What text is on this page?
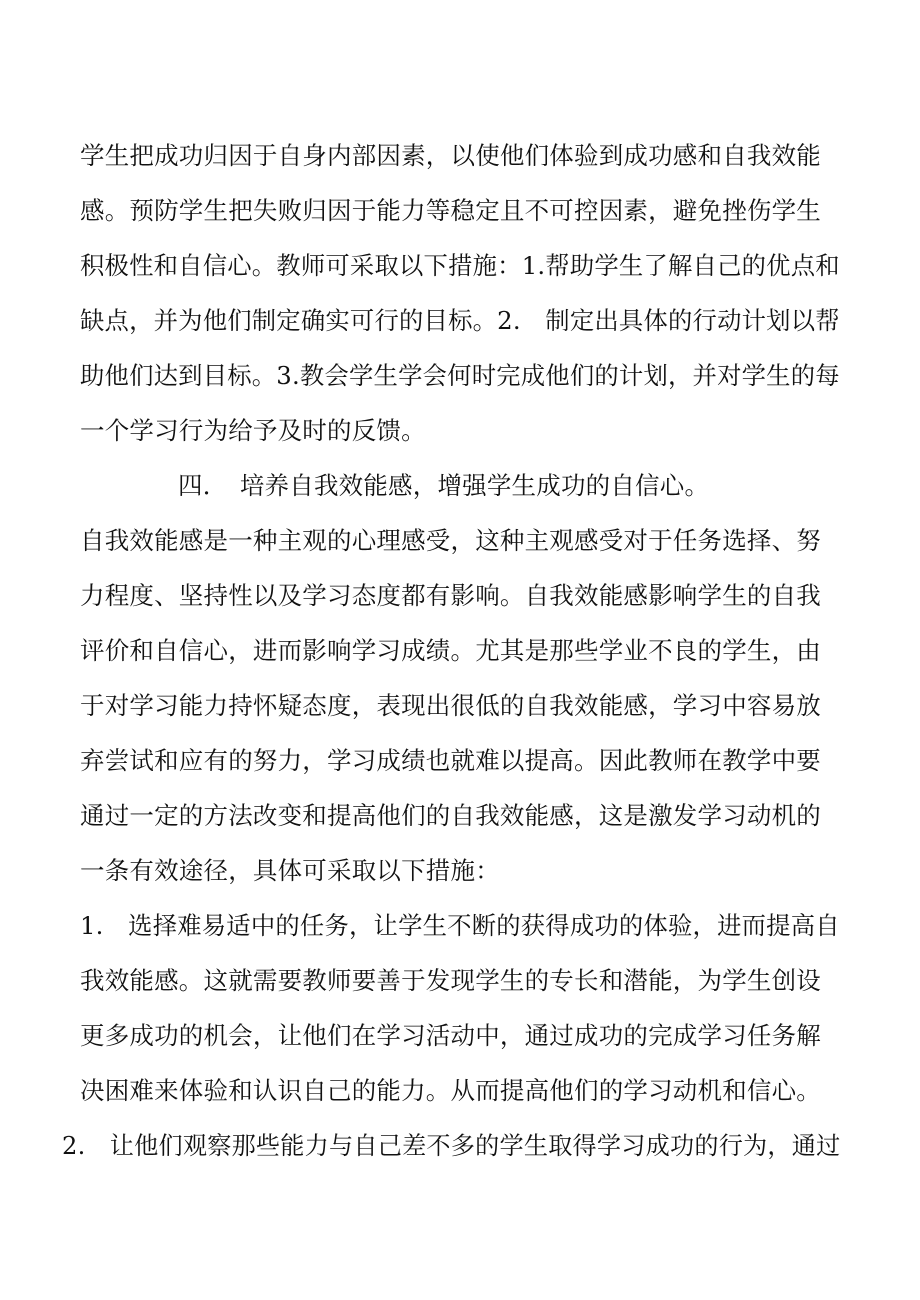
学生把成功归因于自身内部因素，以使他们体验到成功感和自我效能
感。预防学生把失败归因于能力等稳定且不可控因素，避免挫伤学生
积极性和自信心。教师可采取以下措施：1.帮助学生了解自己的优点和
缺点，并为他们制定确实可行的目标。2.　制定出具体的行动计划以帮
助他们达到目标。3.教会学生学会何时完成他们的计划，并对学生的每
一个学习行为给予及时的反馈。
四．　培养自我效能感，增强学生成功的自信心。
自我效能感是一种主观的心理感受，这种主观感受对于任务选择、努
力程度、坚持性以及学习态度都有影响。自我效能感影响学生的自我
评价和自信心，进而影响学习成绩。尤其是那些学业不良的学生，由
于对学习能力持怀疑态度，表现出很低的自我效能感，学习中容易放
弃尝试和应有的努力，学习成绩也就难以提高。因此教师在教学中要
通过一定的方法改变和提高他们的自我效能感，这是激发学习动机的
一条有效途径，具体可采取以下措施：
1.　选择难易适中的任务，让学生不断的获得成功的体验，进而提高自
我效能感。这就需要教师要善于发现学生的专长和潜能，为学生创设
更多成功的机会，让他们在学习活动中，通过成功的完成学习任务解
决困难来体验和认识自己的能力。从而提高他们的学习动机和信心。
2.　让他们观察那些能力与自己差不多的学生取得学习成功的行为，通过
